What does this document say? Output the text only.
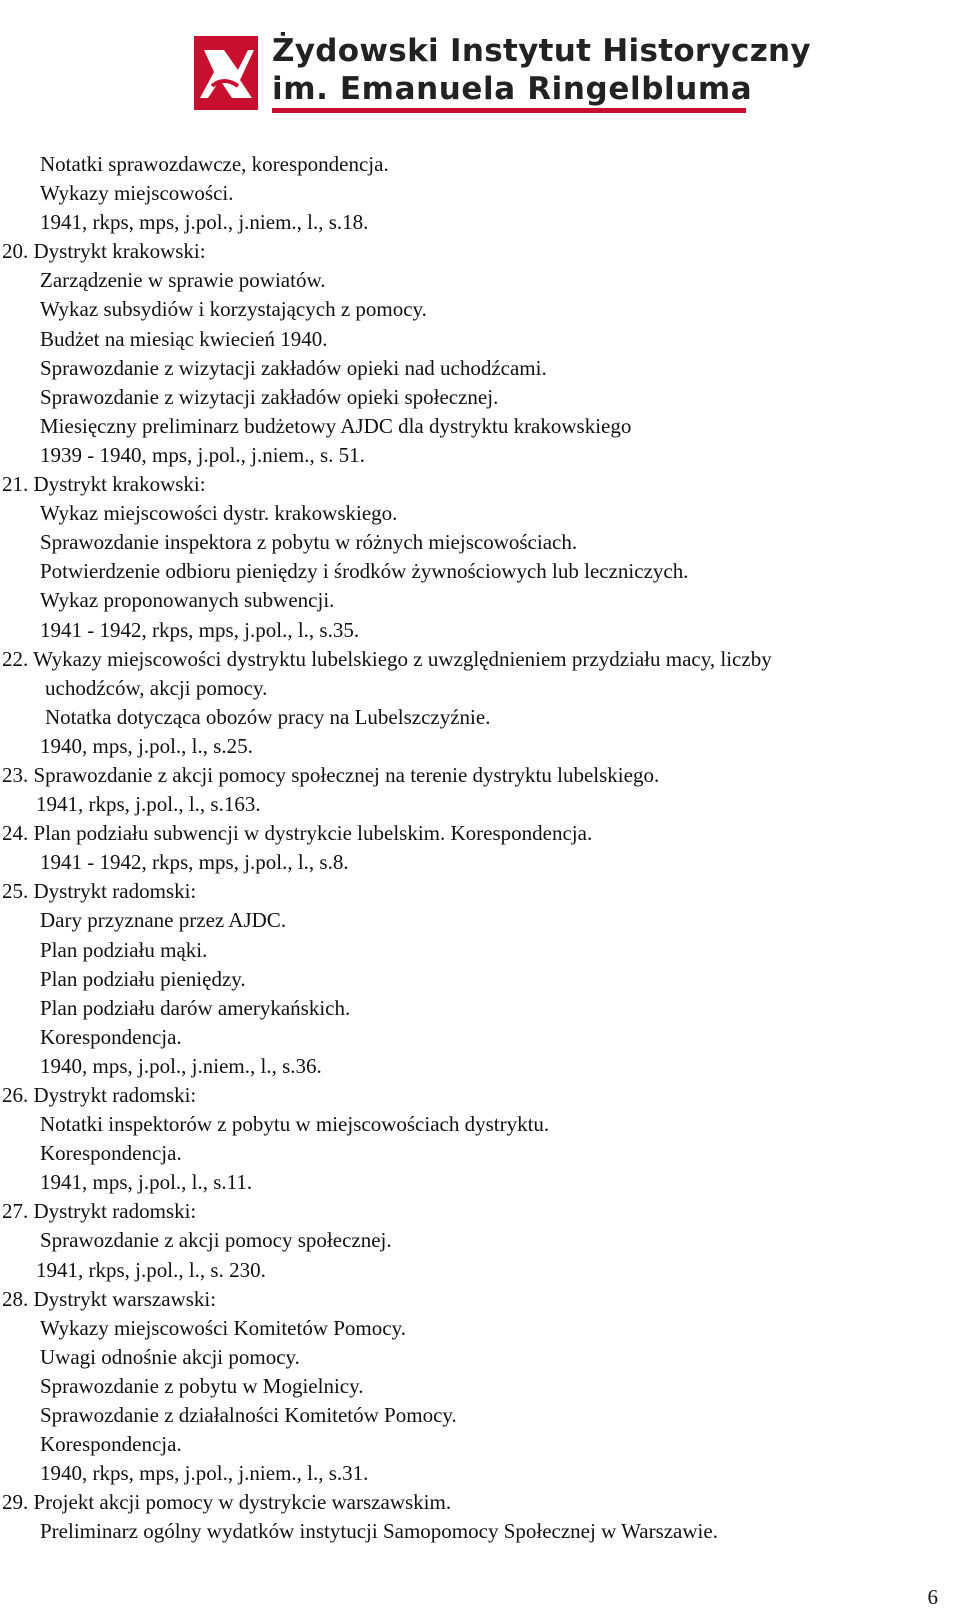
Żydowski Instytut Historyczny
im. Emanuela Ringelbluma
Notatki sprawozdawcze, korespondencja.
Wykazy miejscowości.
1941, rkps, mps, j.pol., j.niem., l., s.18.
20. Dystrykt krakowski:
Zarządzenie w sprawie powiatów.
Wykaz subsydiów i korzystających z pomocy.
Budżet na miesiąc kwiecień 1940.
Sprawozdanie z wizytacji zakładów opieki nad uchodźcami.
Sprawozdanie z wizytacji zakładów opieki społecznej.
Miesięczny preliminarz budżetowy AJDC dla dystryktu krakowskiego
1939 - 1940, mps, j.pol., j.niem., s. 51.
21. Dystrykt krakowski:
Wykaz miejscowości dystr. krakowskiego.
Sprawozdanie inspektora z pobytu w różnych miejscowościach.
Potwierdzenie odbioru pieniędzy i środków żywnościowych lub leczniczych.
Wykaz proponowanych subwencji.
1941 - 1942, rkps, mps, j.pol., l., s.35.
22. Wykazy miejscowości dystryktu lubelskiego z uwzględnieniem przydziału macy, liczby
uchodźców, akcji pomocy.
Notatka dotycząca obozów pracy na Lubelszczyźnie.
1940, mps, j.pol., l., s.25.
23. Sprawozdanie z akcji pomocy społecznej na terenie dystryktu lubelskiego.
1941, rkps, j.pol., l., s.163.
24. Plan podziału subwencji w dystrykcie lubelskim. Korespondencja.
1941 - 1942, rkps, mps, j.pol., l., s.8.
25. Dystrykt radomski:
Dary przyznane przez AJDC.
Plan podziału mąki.
Plan podziału pieniędzy.
Plan podziału darów amerykańskich.
Korespondencja.
1940, mps, j.pol., j.niem., l., s.36.
26. Dystrykt radomski:
Notatki inspektorów z pobytu w miejscowościach dystryktu.
Korespondencja.
1941, mps, j.pol., l., s.11.
27. Dystrykt radomski:
Sprawozdanie z akcji pomocy społecznej.
1941, rkps, j.pol., l., s. 230.
28. Dystrykt warszawski:
Wykazy miejscowości Komitetów Pomocy.
Uwagi odnośnie akcji pomocy.
Sprawozdanie z pobytu w Mogielnicy.
Sprawozdanie z działalności Komitetów Pomocy.
Korespondencja.
1940, rkps, mps, j.pol., j.niem., l., s.31.
29. Projekt akcji pomocy w dystrykcie warszawskim.
Preliminarz ogólny wydatków instytucji Samopomocy Społecznej w Warszawie.
6
